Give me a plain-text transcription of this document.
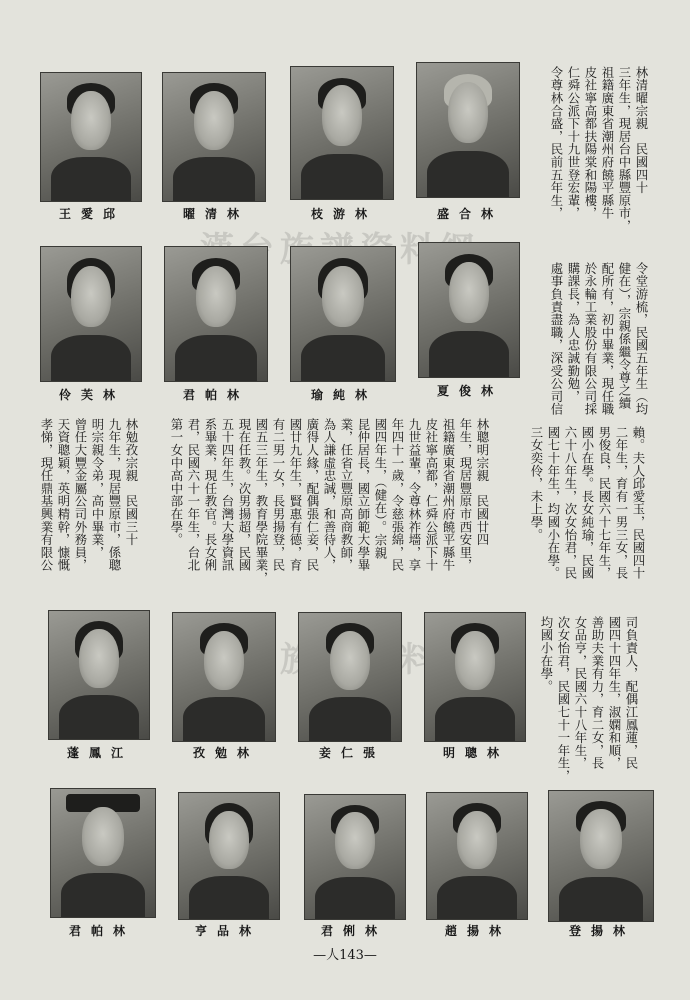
王愛邱	曜清林	枝游林	盛合林
伶芙林	君帕林	瑜純林	夏俊林
蓬鳳江	孜勉林	妾仁張	明聰林
君帕林	亨品林	君俐林	趙揚林	登揚林
林清曜宗親　民國四十
三年生，現居台中縣豐原市，
祖籍廣東省潮州府饒平縣牛
皮社寧高都扶陽棠和陽樓，
仁舜公派下十九世登宏輩，
令尊林合盛，民前五年生，
令堂游梳，民國五年生（均
健在），宗親係繼令尊之續
配所有，初中畢業，現任職
於永輪工業股份有限公司採
購課長，為人忠誠勤勉，
處事負責盡職，深受公司信
賴。夫人邱愛玉，民國四十
二年生，育有一男三女，長
男俊良，民國六十七年生，
國小在學。長女純瑜，民國
六十八年生，次女怡君，民
國七十年生，均國小在學。
三女奕伶，未上學。
林聰明宗親　民國廿四
年生，現居豐原市西安里，
祖籍廣東省潮州府饒平縣牛
皮社寧高都，仁舜公派下十
九世益輩，令尊林祚墻，享
年四十一歲，令慈張綿，民
國四年生，（健在）。宗親
昆仲居長，國立師範大學畢
業，任省立豐原高商教師，
為人謙虛忠誠，和善待人，
廣得人緣，配偶張仁妾，民
國廿九年生，賢惠有德，育
有二男一女，長男揚登，民
國五三年生，教育學院畢業，
現在任教。次男揚超，民國
五十四年生，台灣大學資訊
系畢業，現任教官。長女俐
君，民國六十一年生，台北
第一女中高中部在學。
林勉孜宗親　民國三十
九年生，現居豐原市，係聰
明宗親令弟，高中畢業，
曾任大豐金屬公司外務員，
天資聰穎，英明精幹，慷慨
孝悌，現任鼎基興業有限公
司負責人，配偶江鳳蓮，民
國四十四年生，淑嫻和順，
善助夫業有力，育二女，長
女品亨，民國六十八年生，
次女怡君，民國七十一年生，
均國小在學。
—人143—
